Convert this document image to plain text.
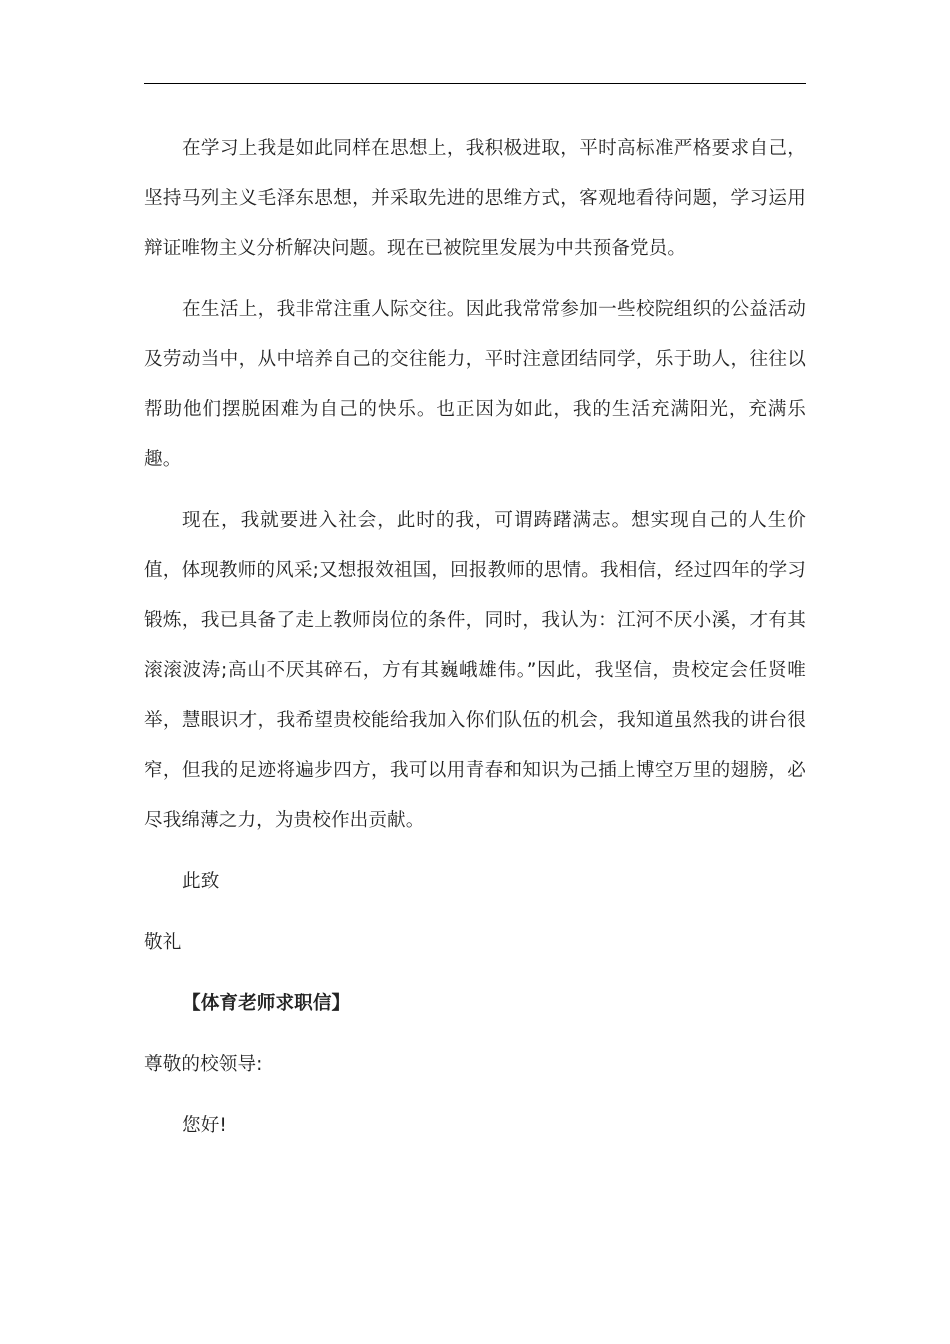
在学习上我是如此同样在思想上，我积极进取，平时高标准严格要求自己，坚持马列主义毛泽东思想，并采取先进的思维方式，客观地看待问题，学习运用辩证唯物主义分析解决问题。现在已被院里发展为中共预备党员。

在生活上，我非常注重人际交往。因此我常常参加一些校院组织的公益活动及劳动当中，从中培养自己的交往能力，平时注意团结同学，乐于助人，往往以帮助他们摆脱困难为自己的快乐。也正因为如此，我的生活充满阳光，充满乐趣。

现在，我就要进入社会，此时的我，可谓踌躇满志。想实现自己的人生价值，体现教师的风采;又想报效祖国，回报教师的思情。我相信，经过四年的学习锻炼，我已具备了走上教师岗位的条件，同时，我认为：江河不厌小溪，才有其滚滚波涛;高山不厌其碎石，方有其巍峨雄伟。”因此，我坚信，贵校定会任贤唯举，慧眼识才，我希望贵校能给我加入你们队伍的机会，我知道虽然我的讲台很窄，但我的足迹将遍步四方，我可以用青春和知识为己插上博空万里的翅膀，必尽我绵薄之力，为贵校作出贡献。

此致

敬礼

【体育老师求职信】

尊敬的校领导:

您好!
